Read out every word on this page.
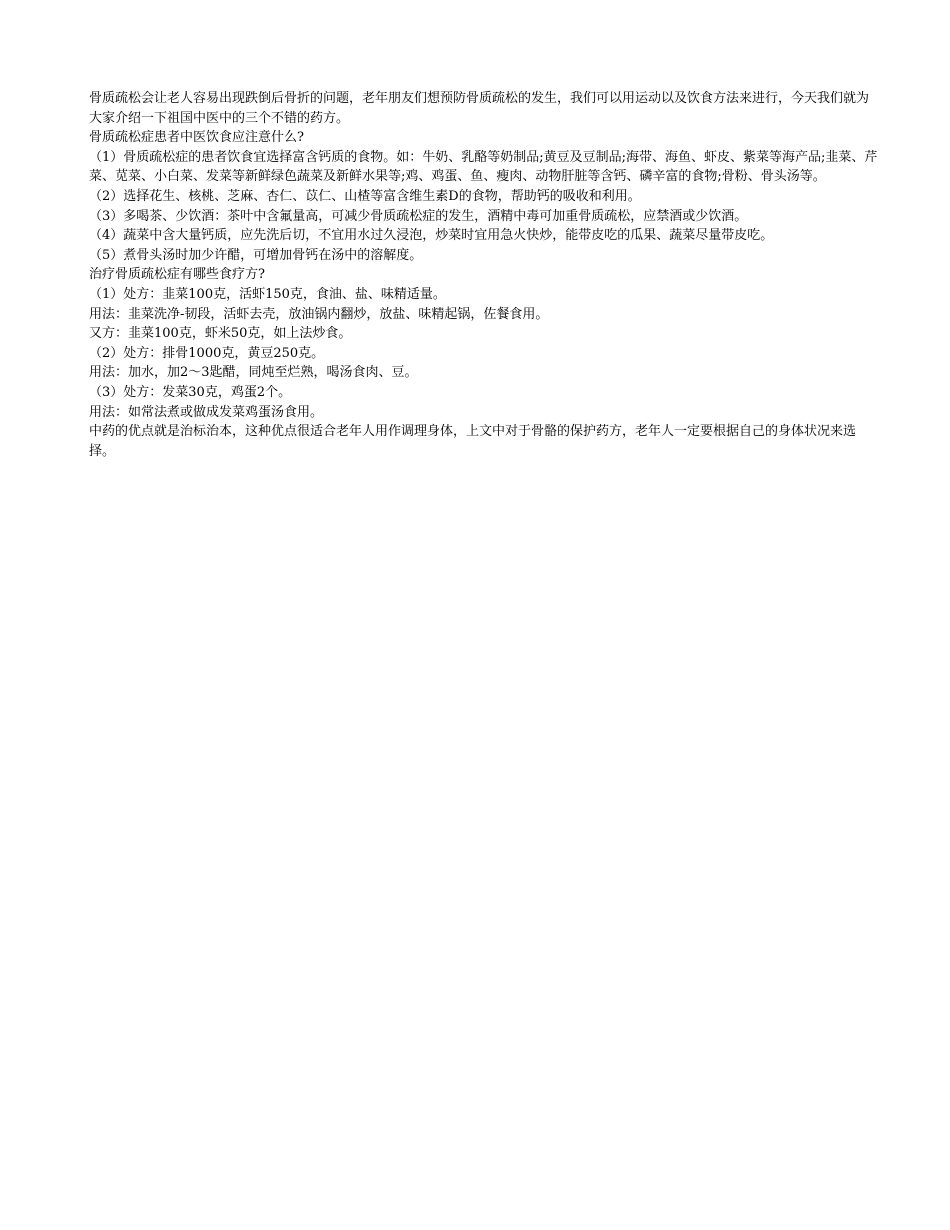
骨质疏松会让老人容易出现跌倒后骨折的问题，老年朋友们想预防骨质疏松的发生，我们可以用运动以及饮食方法来进行，今天我们就为大家介绍一下祖国中医中的三个不错的药方。

骨质疏松症患者中医饮食应注意什么?

（1）骨质疏松症的患者饮食宜选择富含钙质的食物。如：牛奶、乳酪等奶制品;黄豆及豆制品;海带、海鱼、虾皮、紫菜等海产品;韭菜、芹菜、苋菜、小白菜、发菜等新鲜绿色蔬菜及新鲜水果等;鸡、鸡蛋、鱼、瘦肉、动物肝脏等含钙、磷辛富的食物;骨粉、骨头汤等。

（2）选择花生、核桃、芝麻、杏仁、苡仁、山楂等富含维生素D的食物，帮助钙的吸收和利用。

（3）多喝茶、少饮酒：茶叶中含氟量高，可减少骨质疏松症的发生，酒精中毒可加重骨质疏松，应禁酒或少饮酒。

（4）蔬菜中含大量钙质，应先洗后切，不宜用水过久浸泡，炒菜时宜用急火快炒，能带皮吃的瓜果、蔬菜尽量带皮吃。

（5）煮骨头汤时加少许醋，可增加骨钙在汤中的溶解度。

治疗骨质疏松症有哪些食疗方?

（1）处方：韭菜100克，活虾150克，食油、盐、味精适量。

用法：韭菜洗净-韧段，活虾去壳，放油锅内翻炒，放盐、味精起锅，佐餐食用。

又方：韭菜100克，虾米50克，如上法炒食。

（2）处方：排骨1000克，黄豆250克。

用法：加水，加2～3匙醋，同炖至烂熟，喝汤食肉、豆。

（3）处方：发菜30克，鸡蛋2个。

用法：如常法煮或做成发菜鸡蛋汤食用。

中药的优点就是治标治本，这种优点很适合老年人用作调理身体，上文中对于骨骼的保护药方，老年人一定要根据自己的身体状况来选择。
